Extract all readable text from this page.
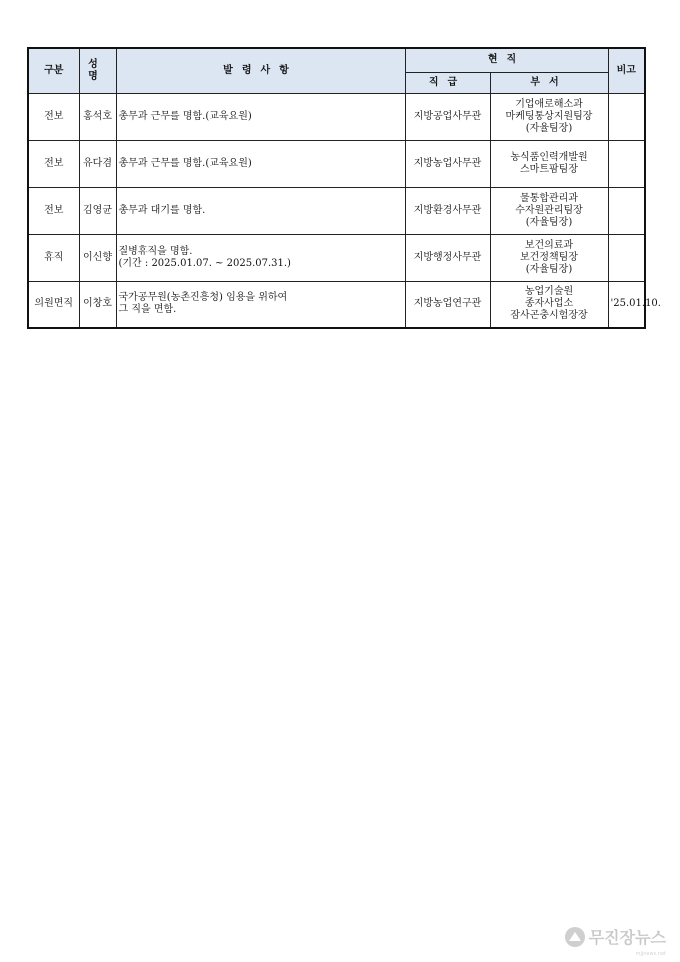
구분	성명	발령사항	현직		비고
			직급	부서	
전보	홍석호	총무과 근무를 명함.(교육요원)	지방공업사무관	기업애로해소과
마케팅통상지원팀장
(자율팀장)	

전보	유다겸	총무과 근무를 명함.(교육요원)	지방농업사무관	농식품인력개발원
스마트팜팀장	

전보	김영균	총무과 대기를 명함.	지방환경사무관	물통합관리과
수자원관리팀장
(자율팀장)	

휴직	이신향	질병휴직을 명함.
(기간 : 2025.01.07. ~ 2025.07.31.)	지방행정사무관	보건의료과
보건정책팀장
(자율팀장)	

의원면직	이창호	국가공무원(농촌진흥청) 임용을 위하여
그 직을 면함.	지방농업연구관	농업기술원
종자사업소
잠사곤충시험장장	'25.01.10.
무진장뉴스
mjjnews.net
